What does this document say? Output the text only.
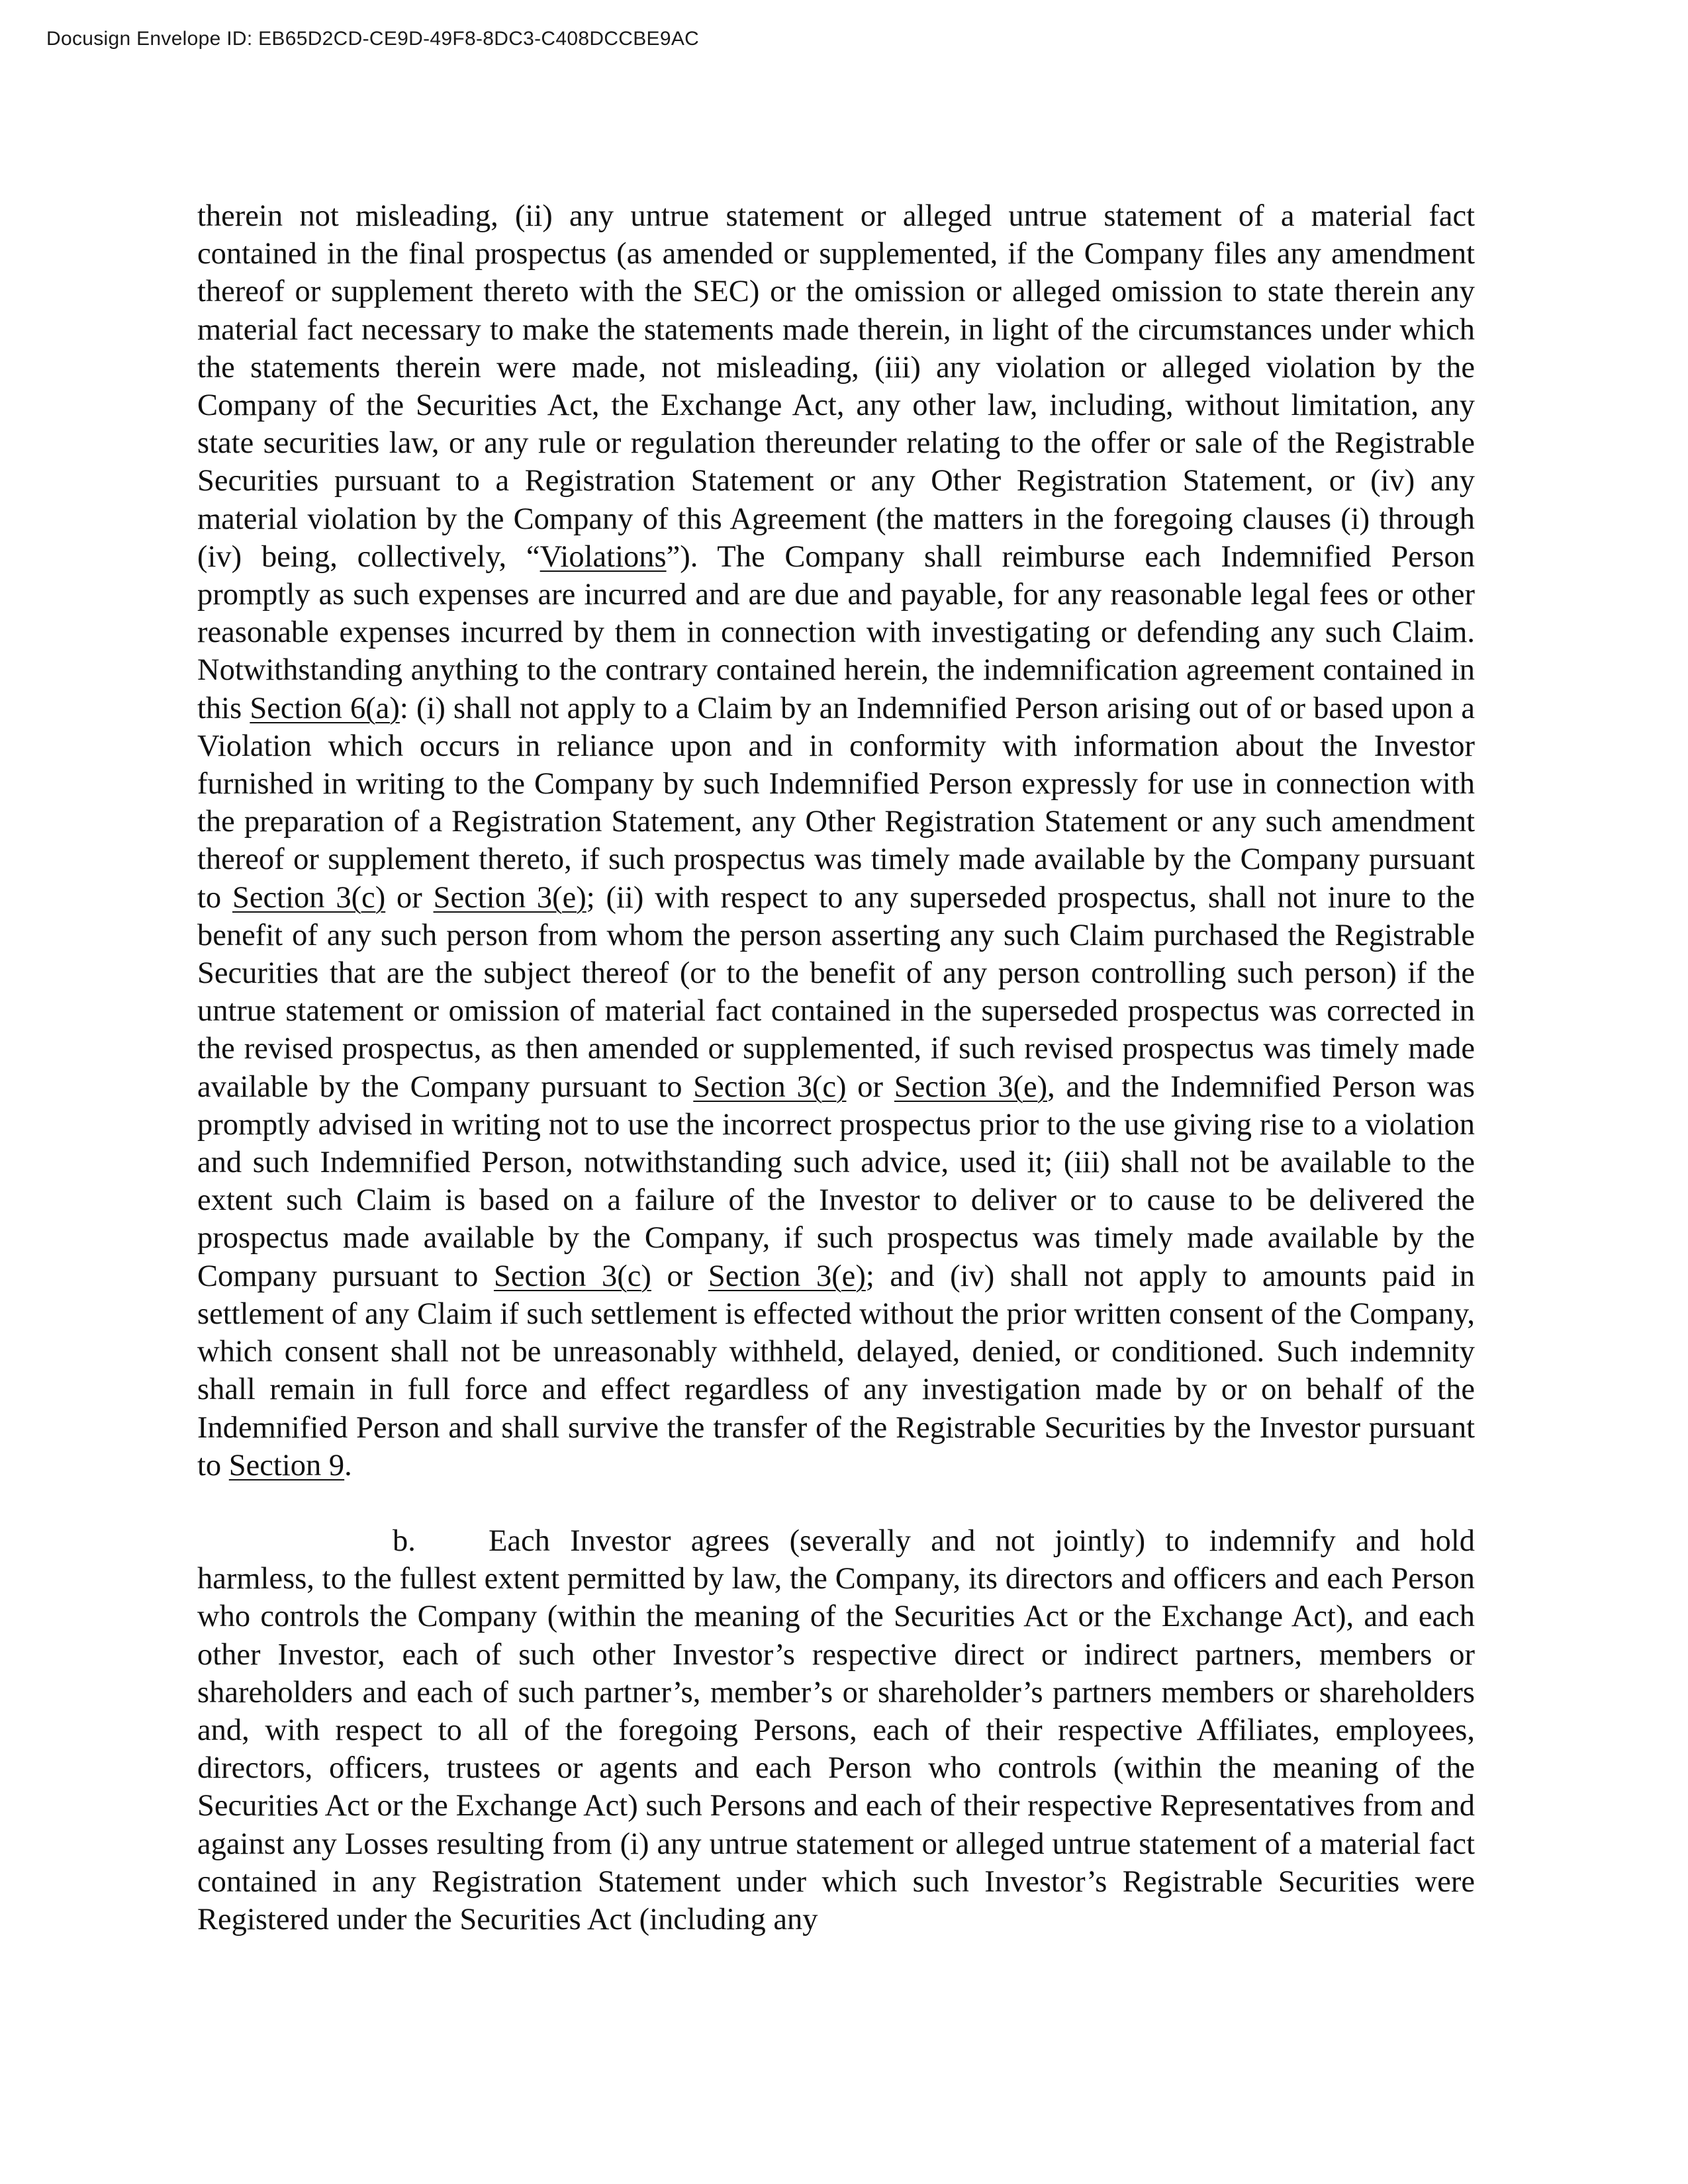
Docusign Envelope ID: EB65D2CD-CE9D-49F8-8DC3-C408DCCBE9AC

therein not misleading, (ii) any untrue statement or alleged untrue statement of a material fact contained in the final prospectus (as amended or supplemented, if the Company files any amendment thereof or supplement thereto with the SEC) or the omission or alleged omission to state therein any material fact necessary to make the statements made therein, in light of the circumstances under which the statements therein were made, not misleading, (iii) any violation or alleged violation by the Company of the Securities Act, the Exchange Act, any other law, including, without limitation, any state securities law, or any rule or regulation thereunder relating to the offer or sale of the Registrable Securities pursuant to a Registration Statement or any Other Registration Statement, or (iv) any material violation by the Company of this Agreement (the matters in the foregoing clauses (i) through (iv) being, collectively, “Violations”). The Company shall reimburse each Indemnified Person promptly as such expenses are incurred and are due and payable, for any reasonable legal fees or other reasonable expenses incurred by them in connection with investigating or defending any such Claim. Notwithstanding anything to the contrary contained herein, the indemnification agreement contained in this Section 6(a): (i) shall not apply to a Claim by an Indemnified Person arising out of or based upon a Violation which occurs in reliance upon and in conformity with information about the Investor furnished in writing to the Company by such Indemnified Person expressly for use in connection with the preparation of a Registration Statement, any Other Registration Statement or any such amendment thereof or supplement thereto, if such prospectus was timely made available by the Company pursuant to Section 3(c) or Section 3(e); (ii) with respect to any superseded prospectus, shall not inure to the benefit of any such person from whom the person asserting any such Claim purchased the Registrable Securities that are the subject thereof (or to the benefit of any person controlling such person) if the untrue statement or omission of material fact contained in the superseded prospectus was corrected in the revised prospectus, as then amended or supplemented, if such revised prospectus was timely made available by the Company pursuant to Section 3(c) or Section 3(e), and the Indemnified Person was promptly advised in writing not to use the incorrect prospectus prior to the use giving rise to a violation and such Indemnified Person, notwithstanding such advice, used it; (iii) shall not be available to the extent such Claim is based on a failure of the Investor to deliver or to cause to be delivered the prospectus made available by the Company, if such prospectus was timely made available by the Company pursuant to Section 3(c) or Section 3(e); and (iv) shall not apply to amounts paid in settlement of any Claim if such settlement is effected without the prior written consent of the Company, which consent shall not be unreasonably withheld, delayed, denied, or conditioned. Such indemnity shall remain in full force and effect regardless of any investigation made by or on behalf of the Indemnified Person and shall survive the transfer of the Registrable Securities by the Investor pursuant to Section 9.

b. Each Investor agrees (severally and not jointly) to indemnify and hold harmless, to the fullest extent permitted by law, the Company, its directors and officers and each Person who controls the Company (within the meaning of the Securities Act or the Exchange Act), and each other Investor, each of such other Investor’s respective direct or indirect partners, members or shareholders and each of such partner’s, member’s or shareholder’s partners members or shareholders and, with respect to all of the foregoing Persons, each of their respective Affiliates, employees, directors, officers, trustees or agents and each Person who controls (within the meaning of the Securities Act or the Exchange Act) such Persons and each of their respective Representatives from and against any Losses resulting from (i) any untrue statement or alleged untrue statement of a material fact contained in any Registration Statement under which such Investor’s Registrable Securities were Registered under the Securities Act (including any
